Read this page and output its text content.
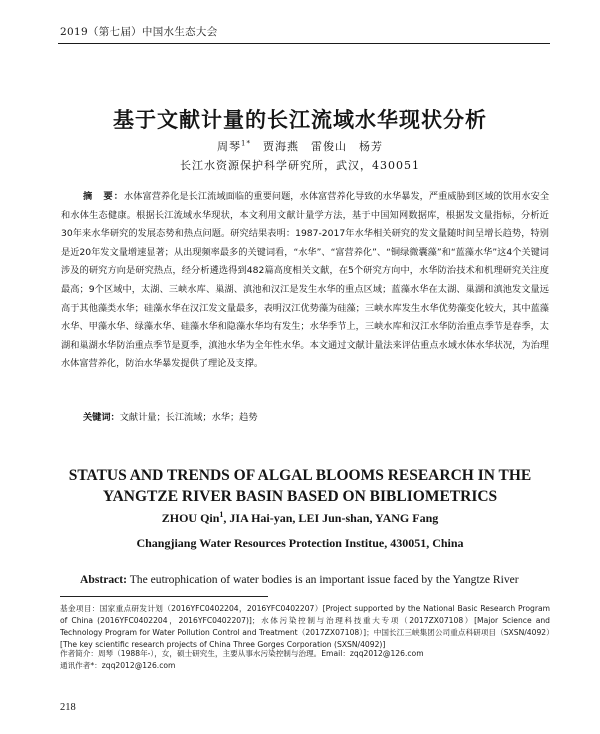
2019（第七届）中国水生态大会
基于文献计量的长江流域水华现状分析
周琴$^{1*}$　 贾海燕　雷俊山　杨芳
长江水资源保护科学研究所，武汉，430051
摘　要：水体富营养化是长江流域面临的重要问题，水体富营养化导致的水华暴发，严重威胁到区域的饮用水安全和水体生态健康。根据长江流域水华现状，本文利用文献计量学方法，基于中国知网数据库，根据发文量指标，分析近30年来水华研究的发展态势和热点问题。研究结果表明：1987-2017年水华相关研究的发文量随时间呈增长趋势，特别是近20年发文量增速显著；从出现频率最多的关键词看，“水华”、“富营养化”、“铜绿微囊藻”和“蓝藻水华”这4个关键词涉及的研究方向是研究热点，经分析遴选得到482篇高度相关文献，在5个研究方向中，水华防治技术和机理研究关注度最高；9个区域中，太湖、三峡水库、巢湖、滇池和汉江是发生水华的重点区域；蓝藻水华在太湖、巢湖和滇池发文量远高于其他藻类水华；硅藻水华在汉江发文量最多，表明汉江优势藻为硅藻；三峡水库发生水华优势藻变化较大，其中蓝藻水华、甲藻水华、绿藻水华、硅藻水华和隐藻水华均有发生；水华季节上，三峡水库和汉江水华防治重点季节是春季，太湖和巢湖水华防治重点季节是夏季，滇池水华为全年性水华。本文通过文献计量法来评估重点水域水体水华状况，为治理水体富营养化，防治水华暴发提供了理论及支撑。
关键词：文献计量；长江流域；水华；趋势
STATUS AND TRENDS OF ALGAL BLOOMS RESEARCH IN THE
YANGTZE RIVER BASIN BASED ON BIBLIOMETRICS
ZHOU Qin$^1$, JIA Hai-yan, LEI Jun-shan, YANG Fang
Changjiang Water Resources Protection Institue, 430051, China
Abstract: The eutrophication of water bodies is an important issue faced by the Yangtze River
基金项目：国家重点研发计划（2016YFC0402204，2016YFC0402207）[Project supported by the National Basic Research Program of China (2016YFC0402204，2016YFC0402207)]；水体污染控制与治理科技重大专项（2017ZX07108）[Major Science and Technology Program for Water Pollution Control and Treatment（2017ZX07108）]；中国长江三峡集团公司重点科研项目（SXSN/4092）[The key scientific research projects of China Three Gorges Corporation (SXSN/4092)]
作者简介：周琴（1988年-），女，硕士研究生，主要从事水污染控制与治理。Email：zqq2012@126.com
通讯作者*：zqq2012@126.com
218
